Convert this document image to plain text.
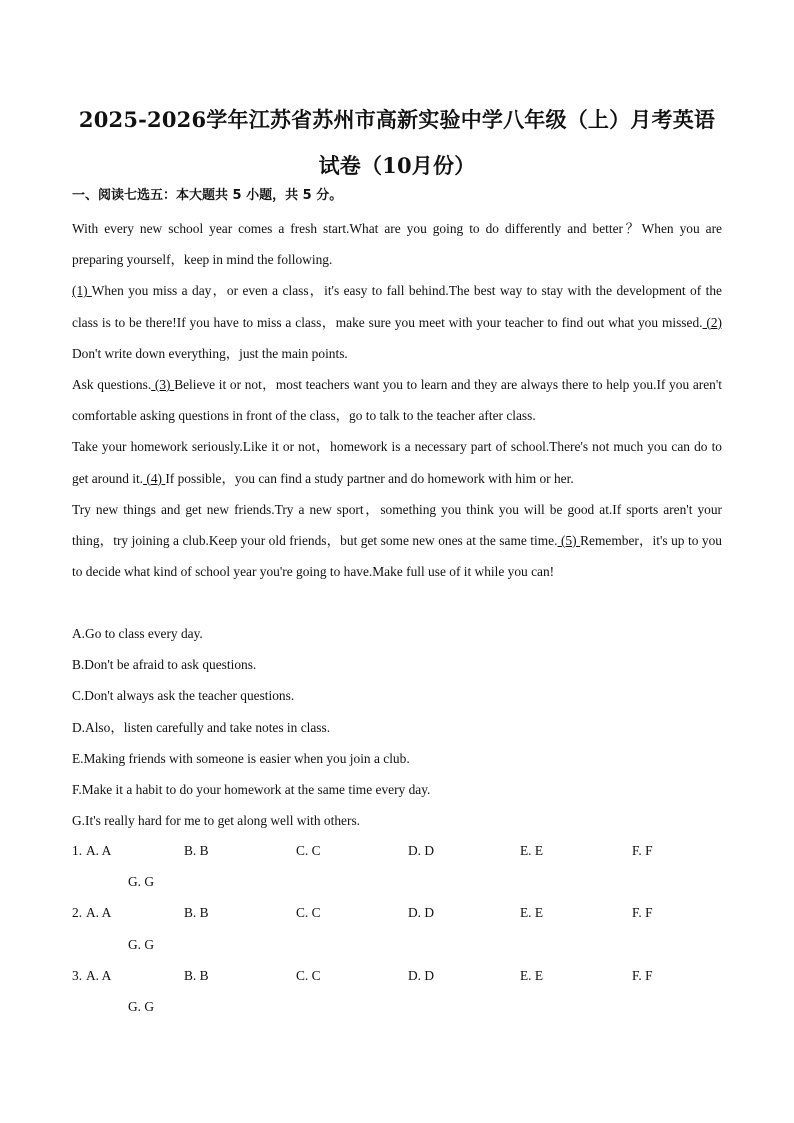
2025-2026学年江苏省苏州市高新实验中学八年级（上）月考英语试卷（10月份）
一、阅读七选五：本大题共 5 小题，共 5 分。

With every new school year comes a fresh start.What are you going to do differently and better？When you are preparing yourself，keep in mind the following.

(1) When you miss a day，or even a class，it's easy to fall behind.The best way to stay with the development of the class is to be there!If you have to miss a class，make sure you meet with your teacher to find out what you missed. (2) Don't write down everything，just the main points.

Ask questions. (3) Believe it or not，most teachers want you to learn and they are always there to help you.If you aren't comfortable asking questions in front of the class，go to talk to the teacher after class.

Take your homework seriously.Like it or not，homework is a necessary part of school.There's not much you can do to get around it. (4) If possible，you can find a study partner and do homework with him or her.

Try new things and get new friends.Try a new sport，something you think you will be good at.If sports aren't your thing，try joining a club.Keep your old friends，but get some new ones at the same time. (5) Remember，it's up to you to decide what kind of school year you're going to have.Make full use of it while you can!

A.Go to class every day.
B.Don't be afraid to ask questions.
C.Don't always ask the teacher questions.
D.Also，listen carefully and take notes in class.
E.Making friends with someone is easier when you join a club.
F.Make it a habit to do your homework at the same time every day.
G.It's really hard for me to get along well with others.
1. A. A	B. B	C. C	D. D	E. E	F. F
G. G
2. A. A	B. B	C. C	D. D	E. E	F. F
G. G
3. A. A	B. B	C. C	D. D	E. E	F. F
G. G
